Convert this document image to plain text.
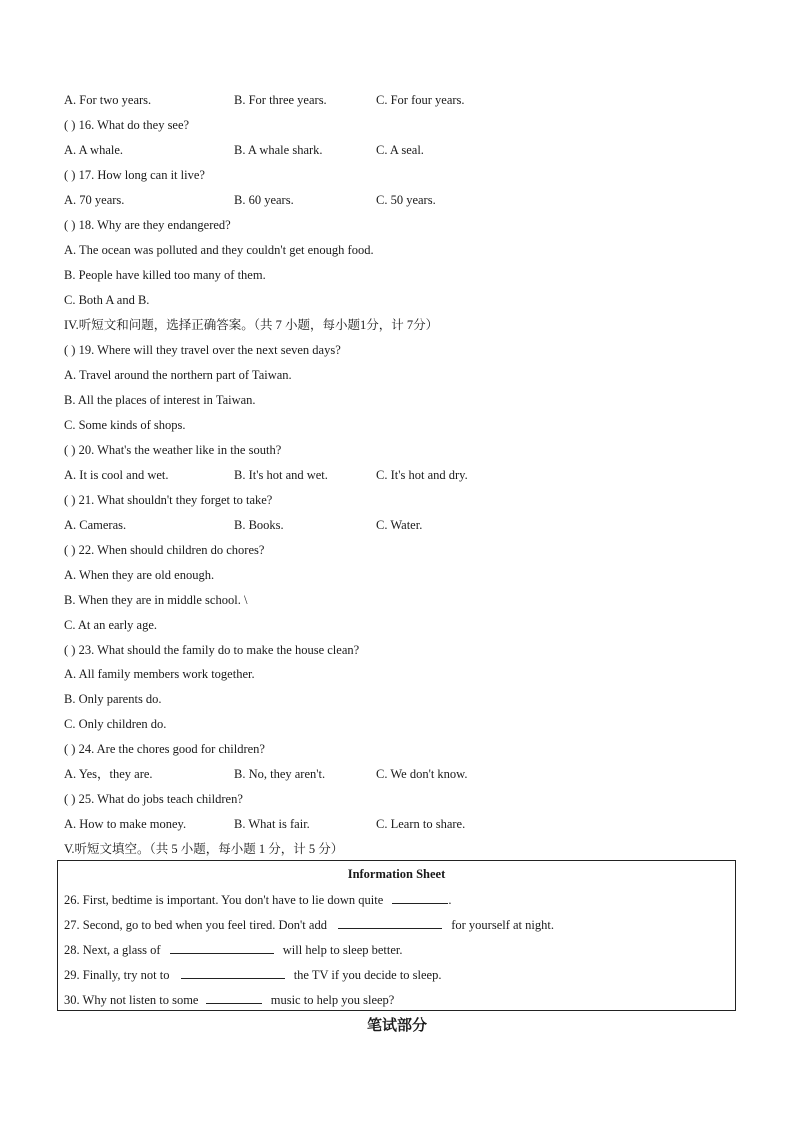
A. For two years.	B. For three years.	C. For four years.
( ) 16. What do they see?
A. A whale.	B. A whale shark.	C. A seal.
( ) 17. How long can it live?
A. 70 years.	B. 60 years.	C. 50 years.
( ) 18. Why are they endangered?
A. The ocean was polluted and they couldn't get enough food.
B. People have killed too many of them.
C. Both A and B.
IV.听短文和问题，选择正确答案。（共 7 小题，每小题1分，计 7分）
( ) 19. Where will they travel over the next seven days?
A. Travel around the northern part of Taiwan.
B. All the places of interest in Taiwan.
C. Some kinds of shops.
( ) 20. What's the weather like in the south?
A. It is cool and wet.	B. It's hot and wet.	C. It's hot and dry.
( ) 21. What shouldn't they forget to take?
A. Cameras.	B. Books.	C. Water.
( ) 22. When should children do chores?
A. When they are old enough.
B. When they are in middle school. \
C. At an early age.
( ) 23. What should the family do to make the house clean?
A. All family members work together.
B. Only parents do.
C. Only children do.
( ) 24. Are the chores good for children?
A. Yes，they are.	B. No, they aren't.	C. We don't know.
( ) 25. What do jobs teach children?
A. How to make money.	B. What is fair.	C. Learn to share.
V.听短文填空。（共 5 小题，每小题 1 分，计 5 分）
Information Sheet
26. First, bedtime is important. You don't have to lie down quite	.
27. Second, go to bed when you feel tired. Don't add	for yourself at night.
28. Next, a glass of	will help to sleep better.
29. Finally, try not to	the TV if you decide to sleep.
30. Why not listen to some	music to help you sleep?
笔试部分
